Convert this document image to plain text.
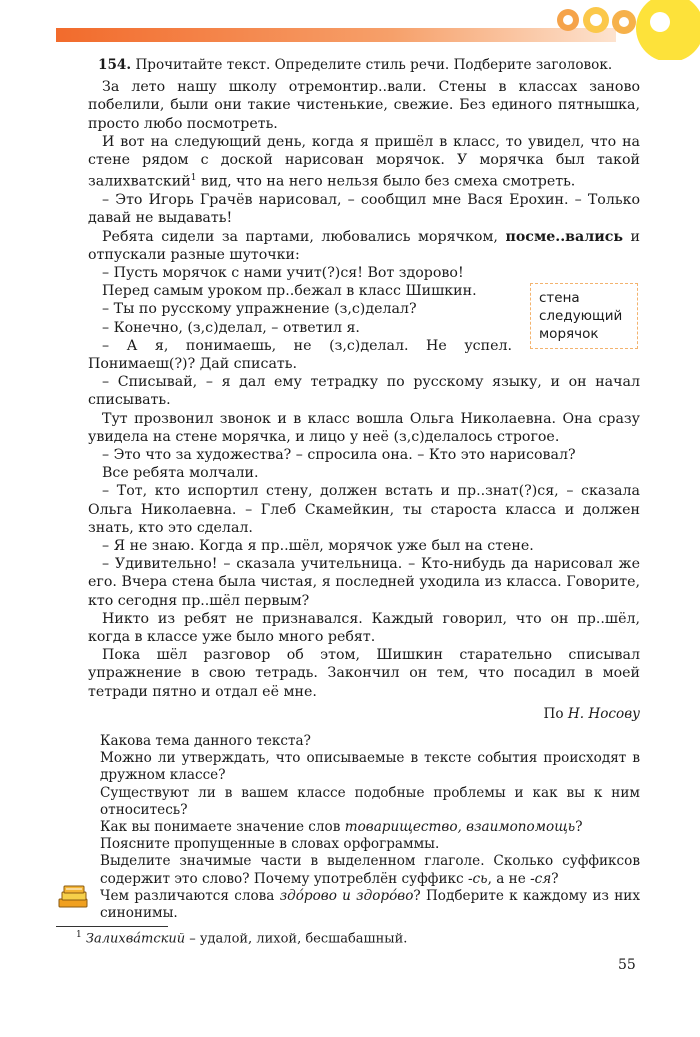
154. Прочитайте текст. Определите стиль речи. Подберите заголовок.

За лето нашу школу отремонтир..вали. Стены в классах заново побелили, были они такие чистенькие, свежие. Без единого пятнышка, просто любо посмотреть.

И вот на следующий день, когда я пришёл в класс, то увидел, что на стене рядом с доской нарисован морячок. У морячка был такой залихватский$^1$ вид, что на него нельзя было без смеха смотреть.

– Это Игорь Грачёв нарисовал, – сообщил мне Вася Ерохин. – Только давай не выдавать!

Ребята сидели за партами, любовались морячком, посме..вались и отпускали разные шуточки:

– Пусть морячок с нами учит(?)ся! Вот здорово!

Перед самым уроком пр..бежал в класс Шишкин.

– Ты по русскому упражнение (з,с)делал?

– Конечно, (з,с)делал, – ответил я.

– А я, понимаешь, не (з,с)делал. Не успел. Понимаеш(?)? Дай списать.

– Списывай, – я дал ему тетрадку по русскому языку, и он начал списывать.

Тут прозвонил звонок и в класс вошла Ольга Николаевна. Она сразу увидела на стене морячка, и лицо у неё (з,с)делалось строгое.

– Это что за художества? – спросила она. – Кто это нарисовал?

Все ребята молчали.

– Тот, кто испортил стену, должен встать и пр..знат(?)ся, – сказала Ольга Николаевна. – Глеб Скамейкин, ты староста класса и должен знать, кто это сделал.

– Я не знаю. Когда я пр..шёл, морячок уже был на стене.

– Удивительно! – сказала учительница. – Кто-нибудь да нарисовал же его. Вчера стена была чистая, я последней уходила из класса. Говорите, кто сегодня пр..шёл первым?

Никто из ребят не признавался. Каждый говорил, что он пр..шёл, когда в классе уже было много ребят.

Пока шёл разговор об этом, Шишкин старательно списывал упражнение в свою тетрадь. Закончил он тем, что посадил в моей тетради пятно и отдал её мне.

По Н. Носову
стена
следующий
морячок

Какова тема данного текста?

Можно ли утверждать, что описываемые в тексте события происходят в дружном классе?

Существуют ли в вашем классе подобные проблемы и как вы к ним относитесь?

Как вы понимаете значение слов товарищество, взаимопомощь?

Поясните пропущенные в словах орфограммы.

Выделите значимые части в выделенном глаголе. Сколько суффиксов содержит это слово? Почему употреблён суффикс -сь, а не -ся?

Чем различаются слова здóрово и здорóво? Подберите к каждому из них синонимы.

$^1$ Залихвáтский – удалой, лихой, бесшабашный.
55
